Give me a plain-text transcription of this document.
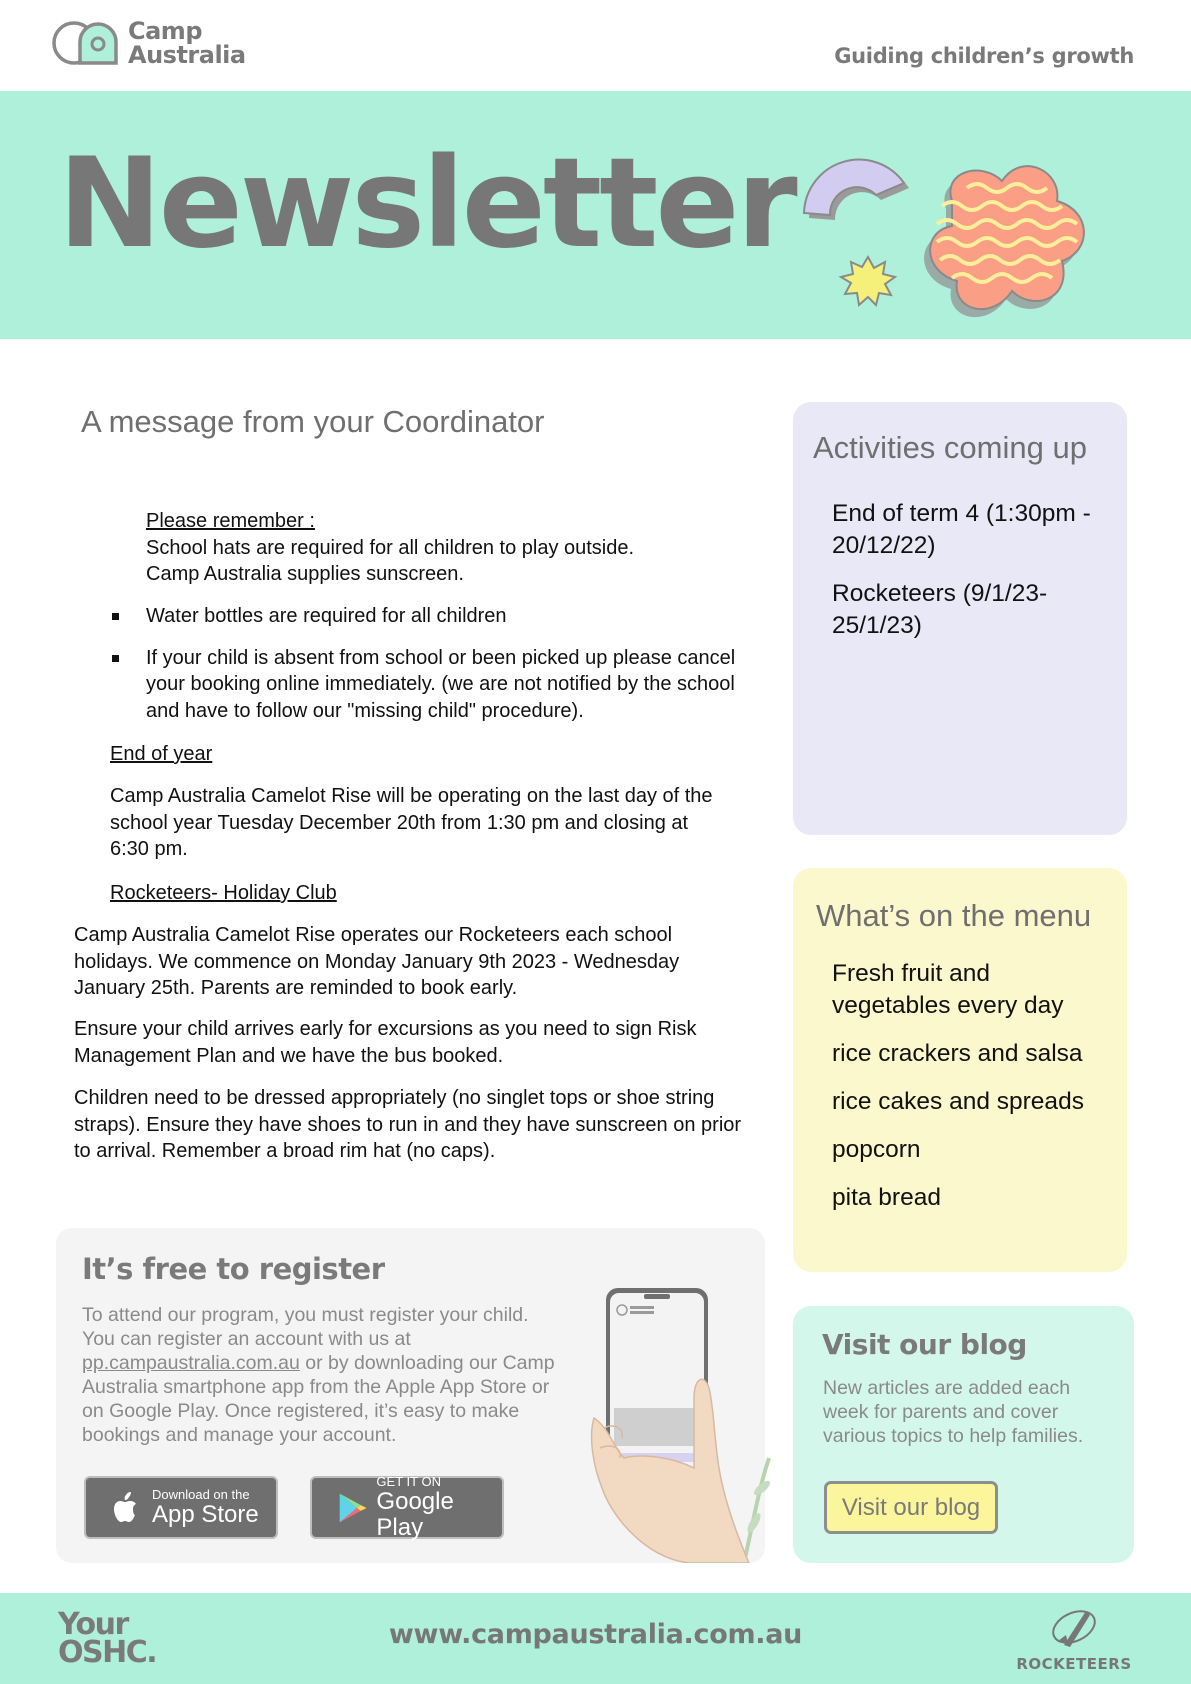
Camp
Australia	Guiding children’s growth
Newsletter
A message from your Coordinator
Please remember :
School hats are required for all children to play outside.
Camp Australia supplies sunscreen.
Water bottles are required for all children
If your child is absent from school or been picked up please cancel your booking online immediately. (we are not notified by the school and have to follow our "missing child" procedure).
End of year
Camp Australia Camelot Rise will be operating on the last day of the school year Tuesday December 20th from 1:30 pm and closing at 6:30 pm.
Rocketeers- Holiday Club
Camp Australia Camelot Rise operates our Rocketeers each school holidays. We commence on Monday January 9th 2023 - Wednesday January 25th. Parents are reminded to book early.
Ensure your child arrives early for excursions as you need to sign Risk Management Plan and we have the bus booked.
Children need to be dressed appropriately (no singlet tops or shoe string straps). Ensure they have shoes to run in and they have sunscreen on prior to arrival. Remember a broad rim hat (no caps).
Activities coming up
End of term 4 (1:30pm - 20/12/22)
Rocketeers (9/1/23-25/1/23)
What’s on the menu
Fresh fruit and vegetables every day
rice crackers and salsa
rice cakes and spreads
popcorn
pita bread
Visit our blog
New articles are added each week for parents and cover various topics to help families.
Visit our blog
It’s free to register
To attend our program, you must register your child. You can register an account with us at pp.campaustralia.com.au or by downloading our Camp Australia smartphone app from the Apple App Store or on Google Play. Once registered, it’s easy to make bookings and manage your account.
Download on the
App Store
GET IT ON
Google Play
Your
OSHC.
www.campaustralia.com.au
ROCKETEERS
